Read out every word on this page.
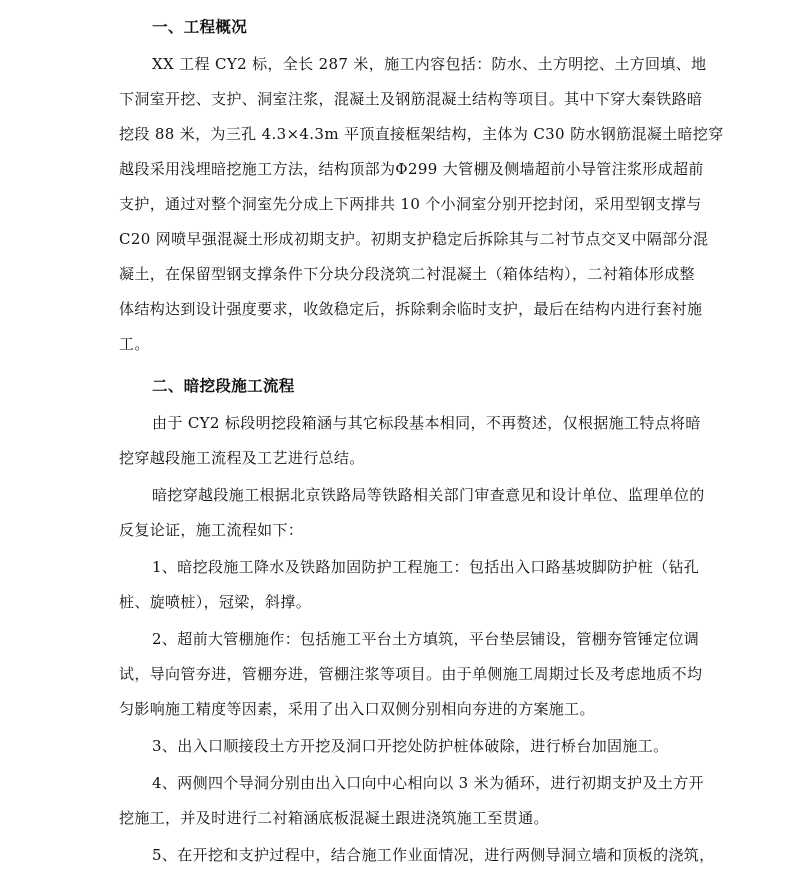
一、工程概况

XX 工程 CY2 标，全长 287 米，施工内容包括：防水、土方明挖、土方回填、地

下洞室开挖、支护、洞室注浆，混凝土及钢筋混凝土结构等项目。其中下穿大秦铁路暗

挖段 88 米，为三孔 4.3×4.3m 平顶直接框架结构，主体为 C30 防水钢筋混凝土暗挖穿

越段采用浅埋暗挖施工方法，结构顶部为Φ299 大管棚及侧墙超前小导管注浆形成超前

支护，通过对整个洞室先分成上下两排共 10 个小洞室分别开挖封闭，采用型钢支撑与

C20 网喷早强混凝土形成初期支护。初期支护稳定后拆除其与二衬节点交叉中隔部分混

凝土，在保留型钢支撑条件下分块分段浇筑二衬混凝土（箱体结构），二衬箱体形成整

体结构达到设计强度要求，收敛稳定后，拆除剩余临时支护，最后在结构内进行套衬施

工。

二、暗挖段施工流程

由于 CY2 标段明挖段箱涵与其它标段基本相同，不再赘述，仅根据施工特点将暗

挖穿越段施工流程及工艺进行总结。

暗挖穿越段施工根据北京铁路局等铁路相关部门审查意见和设计单位、监理单位的

反复论证，施工流程如下：

1、暗挖段施工降水及铁路加固防护工程施工：包括出入口路基坡脚防护桩（钻孔

桩、旋喷桩），冠梁，斜撑。

2、超前大管棚施作：包括施工平台土方填筑，平台垫层铺设，管棚夯管锤定位调

试，导向管夯进，管棚夯进，管棚注浆等项目。由于单侧施工周期过长及考虑地质不均

匀影响施工精度等因素，采用了出入口双侧分别相向夯进的方案施工。

3、出入口顺接段土方开挖及洞口开挖处防护桩体破除，进行桥台加固施工。

4、两侧四个导洞分别由出入口向中心相向以 3 米为循环，进行初期支护及土方开

挖施工，并及时进行二衬箱涵底板混凝土跟进浇筑施工至贯通。

5、在开挖和支护过程中，结合施工作业面情况，进行两侧导洞立墙和顶板的浇筑，
